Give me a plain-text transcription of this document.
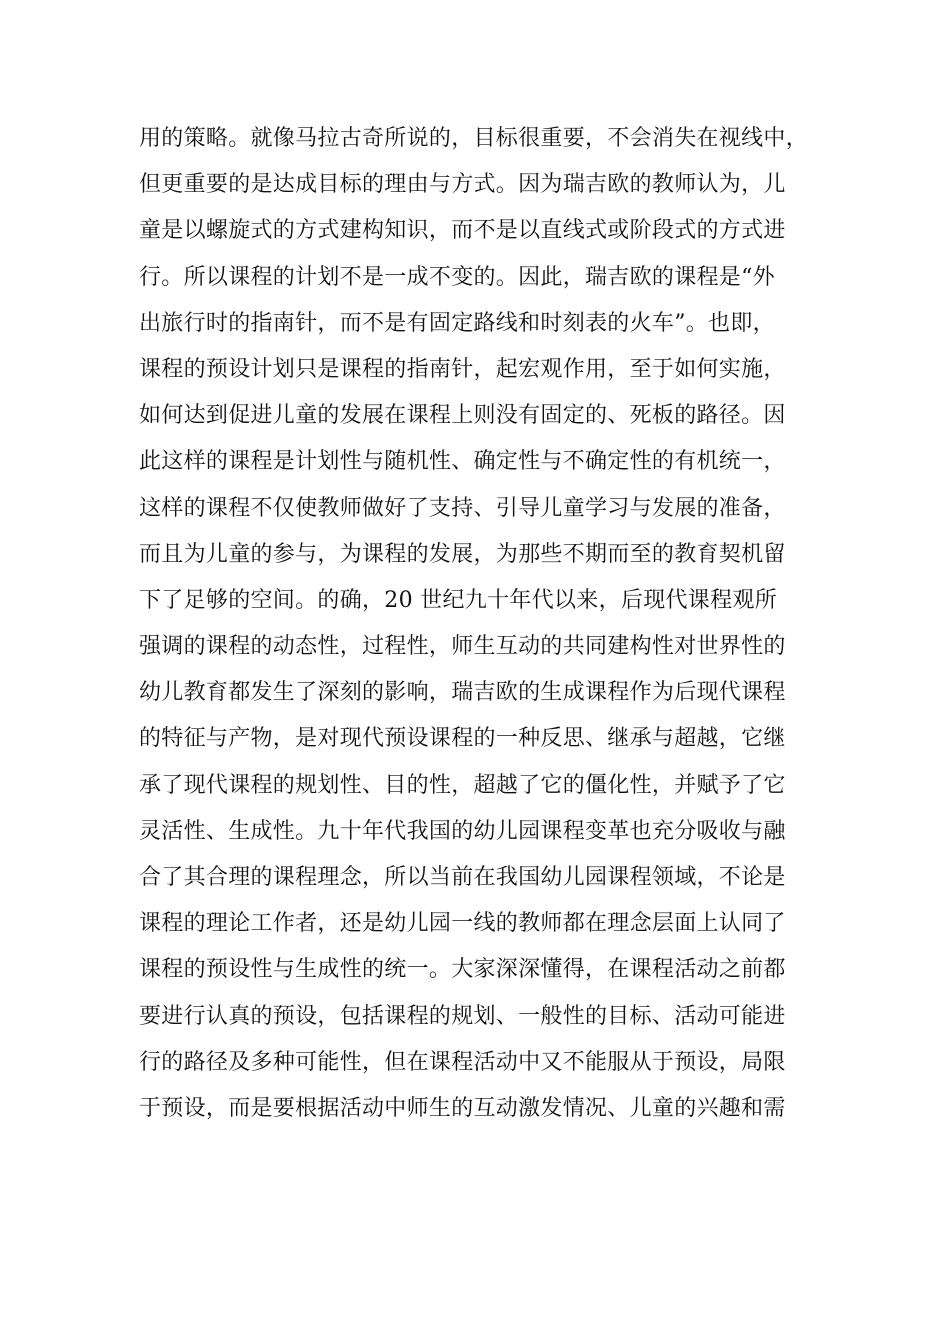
用的策略。就像马拉古奇所说的，目标很重要，不会消失在视线中，
但更重要的是达成目标的理由与方式。因为瑞吉欧的教师认为，儿
童是以螺旋式的方式建构知识，而不是以直线式或阶段式的方式进
行。所以课程的计划不是一成不变的。因此，瑞吉欧的课程是“外
出旅行时的指南针，而不是有固定路线和时刻表的火车”。也即，
课程的预设计划只是课程的指南针，起宏观作用，至于如何实施，
如何达到促进儿童的发展在课程上则没有固定的、死板的路径。因
此这样的课程是计划性与随机性、确定性与不确定性的有机统一，
这样的课程不仅使教师做好了支持、引导儿童学习与发展的准备，
而且为儿童的参与，为课程的发展，为那些不期而至的教育契机留
下了足够的空间。的确，20 世纪九十年代以来，后现代课程观所
强调的课程的动态性，过程性，师生互动的共同建构性对世界性的
幼儿教育都发生了深刻的影响，瑞吉欧的生成课程作为后现代课程
的特征与产物，是对现代预设课程的一种反思、继承与超越，它继
承了现代课程的规划性、目的性，超越了它的僵化性，并赋予了它
灵活性、生成性。九十年代我国的幼儿园课程变革也充分吸收与融
合了其合理的课程理念，所以当前在我国幼儿园课程领域，不论是
课程的理论工作者，还是幼儿园一线的教师都在理念层面上认同了
课程的预设性与生成性的统一。大家深深懂得，在课程活动之前都
要进行认真的预设，包括课程的规划、一般性的目标、活动可能进
行的路径及多种可能性，但在课程活动中又不能服从于预设，局限
于预设，而是要根据活动中师生的互动激发情况、儿童的兴趣和需
